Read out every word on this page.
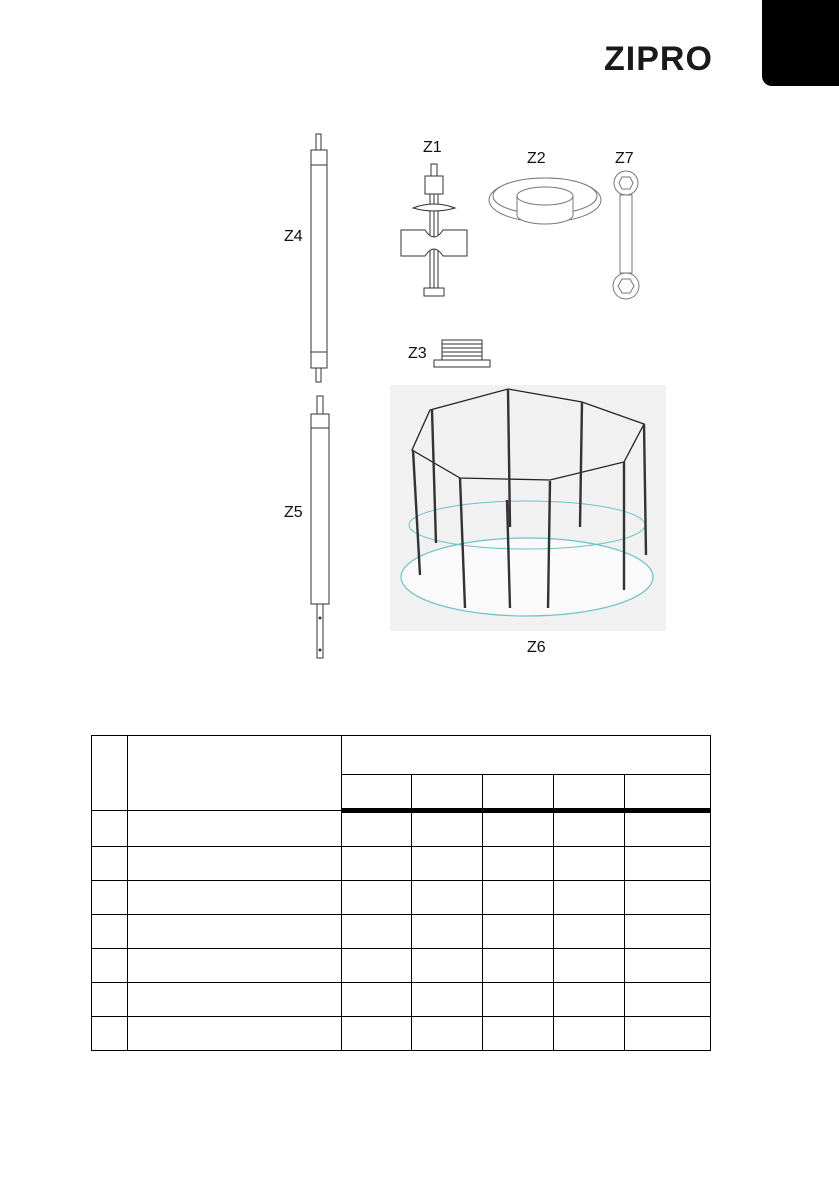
ZIPRO
Z4
Z5
Z1
Z2	Z7
Z3
Z6
